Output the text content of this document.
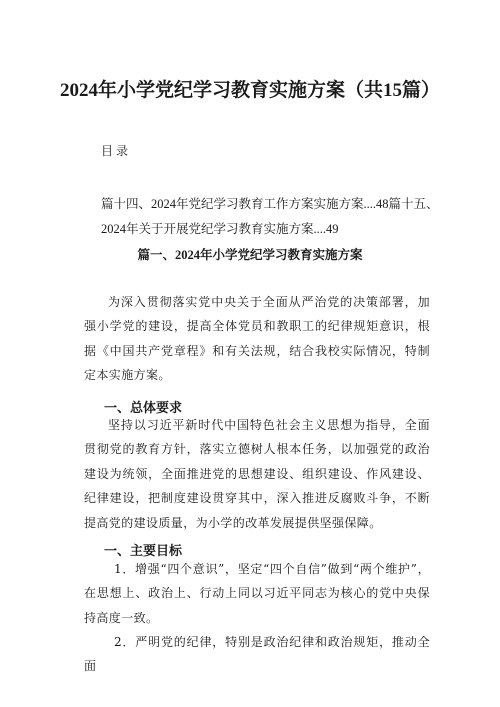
2024年小学党纪学习教育实施方案（共15篇）
目录
篇十四、2024年党纪学习教育工作方案实施方案....48篇十五、
2024年关于开展党纪学习教育实施方案....49
篇一、2024年小学党纪学习教育实施方案
为深入贯彻落实党中央关于全面从严治党的决策部署，加强小学党的建设，提高全体党员和教职工的纪律规矩意识，根据《中国共产党章程》和有关法规，结合我校实际情况，特制定本实施方案。
一、总体要求
坚持以习近平新时代中国特色社会主义思想为指导，全面贯彻党的教育方针，落实立德树人根本任务，以加强党的政治建设为统领，全面推进党的思想建设、组织建设、作风建设、纪律建设，把制度建设贯穿其中，深入推进反腐败斗争，不断提高党的建设质量，为小学的改革发展提供坚强保障。
一、主要目标
1．增强“四个意识”，坚定“四个自信”做到“两个维护”，在思想上、政治上、行动上同以习近平同志为核心的党中央保持高度一致。
2．严明党的纪律，特别是政治纪律和政治规矩，推动全面
